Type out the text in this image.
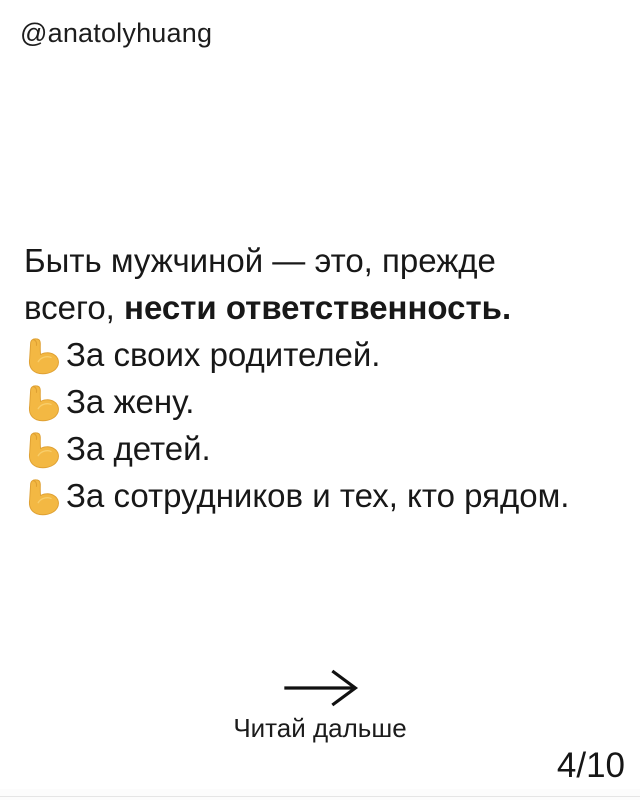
@anatolyhuang
Быть мужчиной — это, прежде
всего, нести ответственность.
За своих родителей.
За жену.
За детей.
За сотрудников и тех, кто рядом.
Читай дальше
4/10
